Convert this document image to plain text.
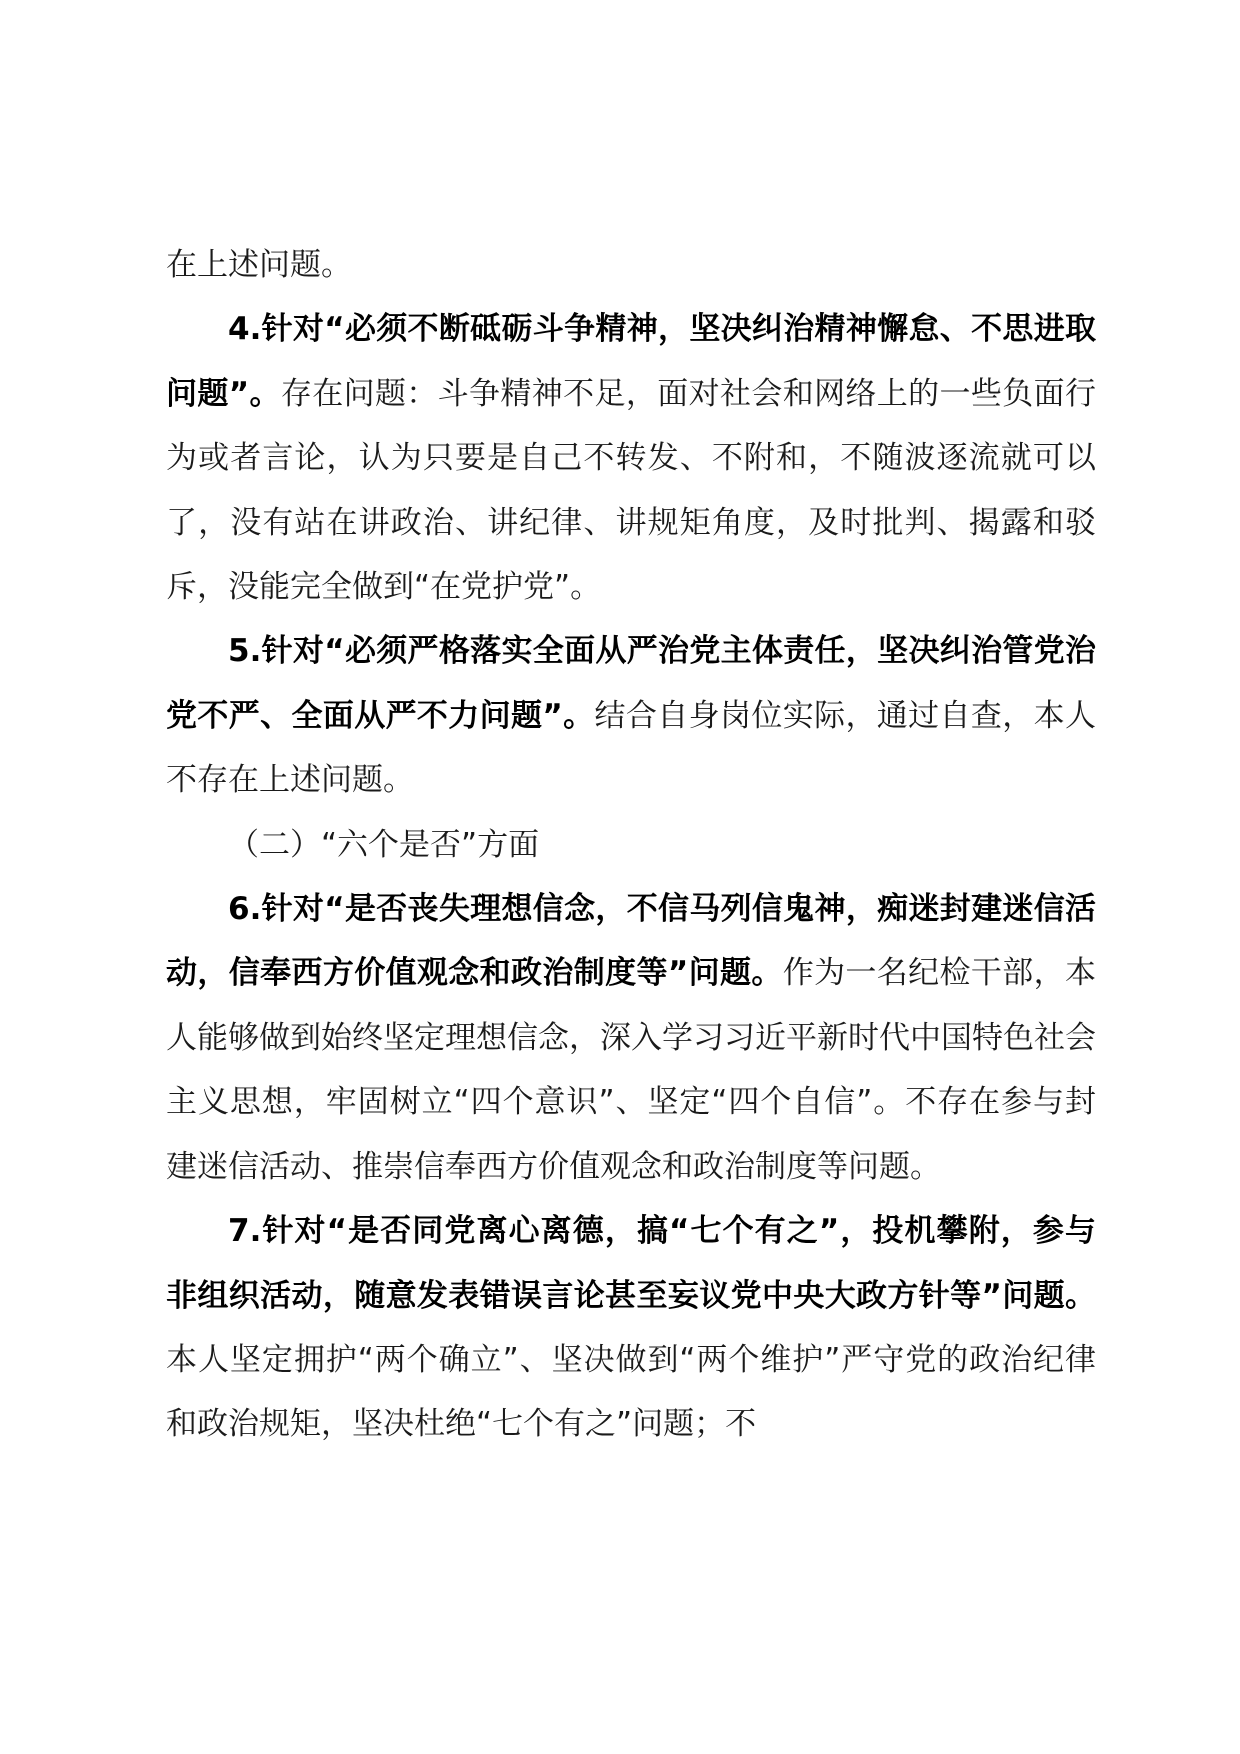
在上述问题。

4.针对“必须不断砥砺斗争精神，坚决纠治精神懈怠、不思进取问题”。存在问题：斗争精神不足，面对社会和网络上的一些负面行为或者言论，认为只要是自己不转发、不附和，不随波逐流就可以了，没有站在讲政治、讲纪律、讲规矩角度，及时批判、揭露和驳斥，没能完全做到“在党护党”。

5.针对“必须严格落实全面从严治党主体责任，坚决纠治管党治党不严、全面从严不力问题”。结合自身岗位实际，通过自查，本人不存在上述问题。

（二）“六个是否”方面

6.针对“是否丧失理想信念，不信马列信鬼神，痴迷封建迷信活动，信奉西方价值观念和政治制度等”问题。作为一名纪检干部，本人能够做到始终坚定理想信念，深入学习习近平新时代中国特色社会主义思想，牢固树立“四个意识”、坚定“四个自信”。不存在参与封建迷信活动、推崇信奉西方价值观念和政治制度等问题。

7.针对“是否同党离心离德，搞“七个有之”，投机攀附，参与非组织活动，随意发表错误言论甚至妄议党中央大政方针等”问题。本人坚定拥护“两个确立”、坚决做到“两个维护”严守党的政治纪律和政治规矩，坚决杜绝“七个有之”问题；不
